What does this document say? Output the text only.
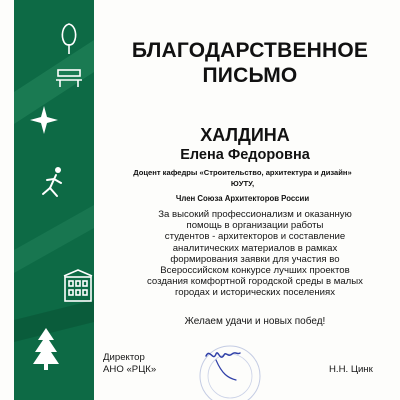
БЛАГОДАРСТВЕННОЕ
ПИСЬМО
ХАЛДИНА
Елена Федоровна
Доцент кафедры «Строительство, архитектура и дизайн»
ЮУТУ,
Член Союза Архитекторов России
За высокий профессионализм и оказанную
помощь в организации работы
студентов - архитекторов и составление
аналитических материалов в рамках
формирования заявки для участия во
Всероссийском конкурсе лучших проектов
создания комфортной городской среды в малых
городах и исторических поселениях
Желаем удачи и новых побед!
Директор
АНО «РЦК»	Н.Н. Цинк
